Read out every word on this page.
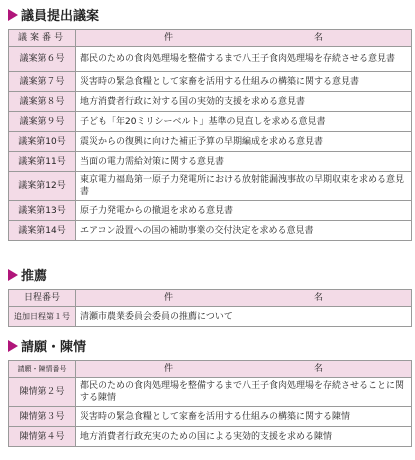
議員提出議案
議案番号	件 名
議案第６号	都民のための食肉処理場を整備するまで八王子食肉処理場を存続させる意見書
議案第７号	災害時の緊急食糧として家畜を活用する仕組みの構築に関する意見書
議案第８号	地方消費者行政に対する国の実効的支援を求める意見書
議案第９号	子ども「年20ミリシーベルト」基準の見直しを求める意見書
議案第10号	震災からの復興に向けた補正予算の早期編成を求める意見書
議案第11号	当面の電力需給対策に関する意見書
議案第12号	東京電力福島第一原子力発電所における放射能漏洩事故の早期収束を求める意見書
議案第13号	原子力発電からの撤退を求める意見書
議案第14号	エアコン設置への国の補助事業の交付決定を求める意見書
推薦
日程番号	件 名
追加日程第１号	清瀬市農業委員会委員の推薦について
請願・陳情
請願・陳情番号	件 名
陳情第２号	都民のための食肉処理場を整備するまで八王子食肉処理場を存続させることに関する陳情
陳情第３号	災害時の緊急食糧として家畜を活用する仕組みの構築に関する陳情
陳情第４号	地方消費者行政充実のための国による実効的支援を求める陳情
